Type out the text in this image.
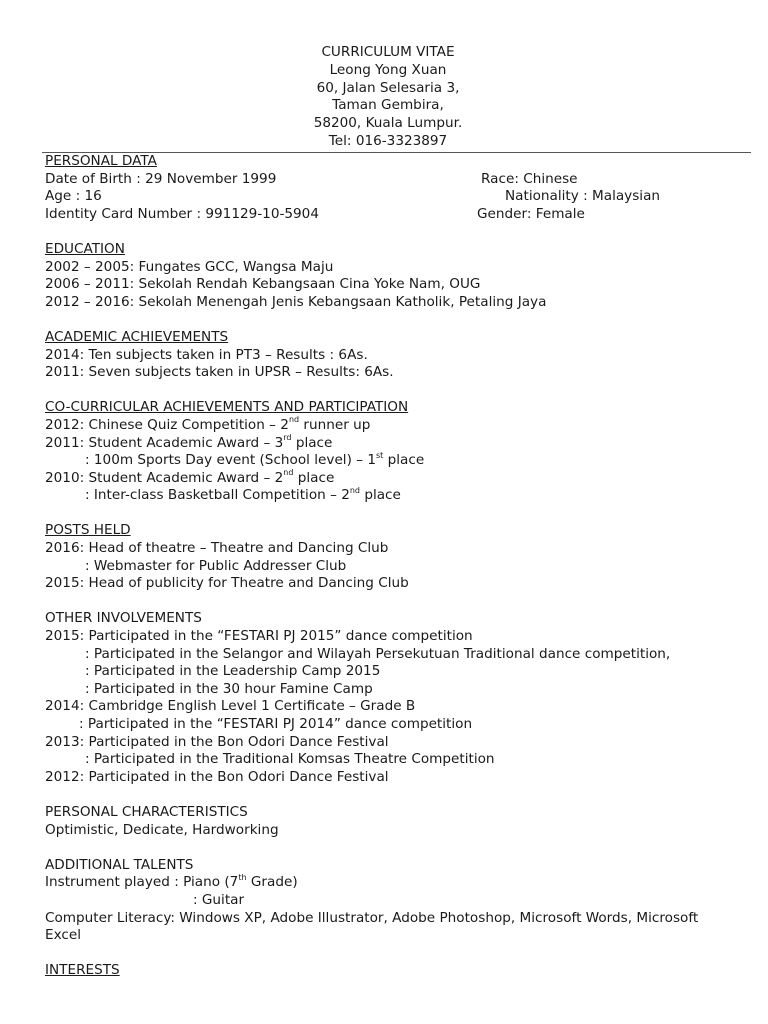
CURRICULUM VITAE
Leong Yong Xuan
60, Jalan Selesaria 3,
Taman Gembira,
58200, Kuala Lumpur.
Tel: 016-3323897
PERSONAL DATA
Date of Birth : 29 November 1999	Race: Chinese
Age : 16	Nationality : Malaysian
Identity Card Number : 991129-10-5904	Gender: Female
EDUCATION
2002 – 2005: Fungates GCC, Wangsa Maju
2006 – 2011: Sekolah Rendah Kebangsaan Cina Yoke Nam, OUG
2012 – 2016: Sekolah Menengah Jenis Kebangsaan Katholik, Petaling Jaya
ACADEMIC ACHIEVEMENTS
2014: Ten subjects taken in PT3 – Results : 6As.
2011: Seven subjects taken in UPSR – Results: 6As.
CO-CURRICULAR ACHIEVEMENTS AND PARTICIPATION
2012: Chinese Quiz Competition – 2nd runner up
2011: Student Academic Award – 3rd place
: 100m Sports Day event (School level) – 1st place
2010: Student Academic Award – 2nd place
: Inter-class Basketball Competition – 2nd place
POSTS HELD
2016: Head of theatre – Theatre and Dancing Club
: Webmaster for Public Addresser Club
2015: Head of publicity for Theatre and Dancing Club
OTHER INVOLVEMENTS
2015: Participated in the “FESTARI PJ 2015” dance competition
: Participated in the Selangor and Wilayah Persekutuan Traditional dance competition,
: Participated in the Leadership Camp 2015
: Participated in the 30 hour Famine Camp
2014: Cambridge English Level 1 Certificate – Grade B
: Participated in the “FESTARI PJ 2014” dance competition
2013: Participated in the Bon Odori Dance Festival
: Participated in the Traditional Komsas Theatre Competition
2012: Participated in the Bon Odori Dance Festival
PERSONAL CHARACTERISTICS
Optimistic, Dedicate, Hardworking
ADDITIONAL TALENTS
Instrument played : Piano (7th Grade)
: Guitar
Computer Literacy: Windows XP, Adobe Illustrator, Adobe Photoshop, Microsoft Words, Microsoft Excel
INTERESTS
